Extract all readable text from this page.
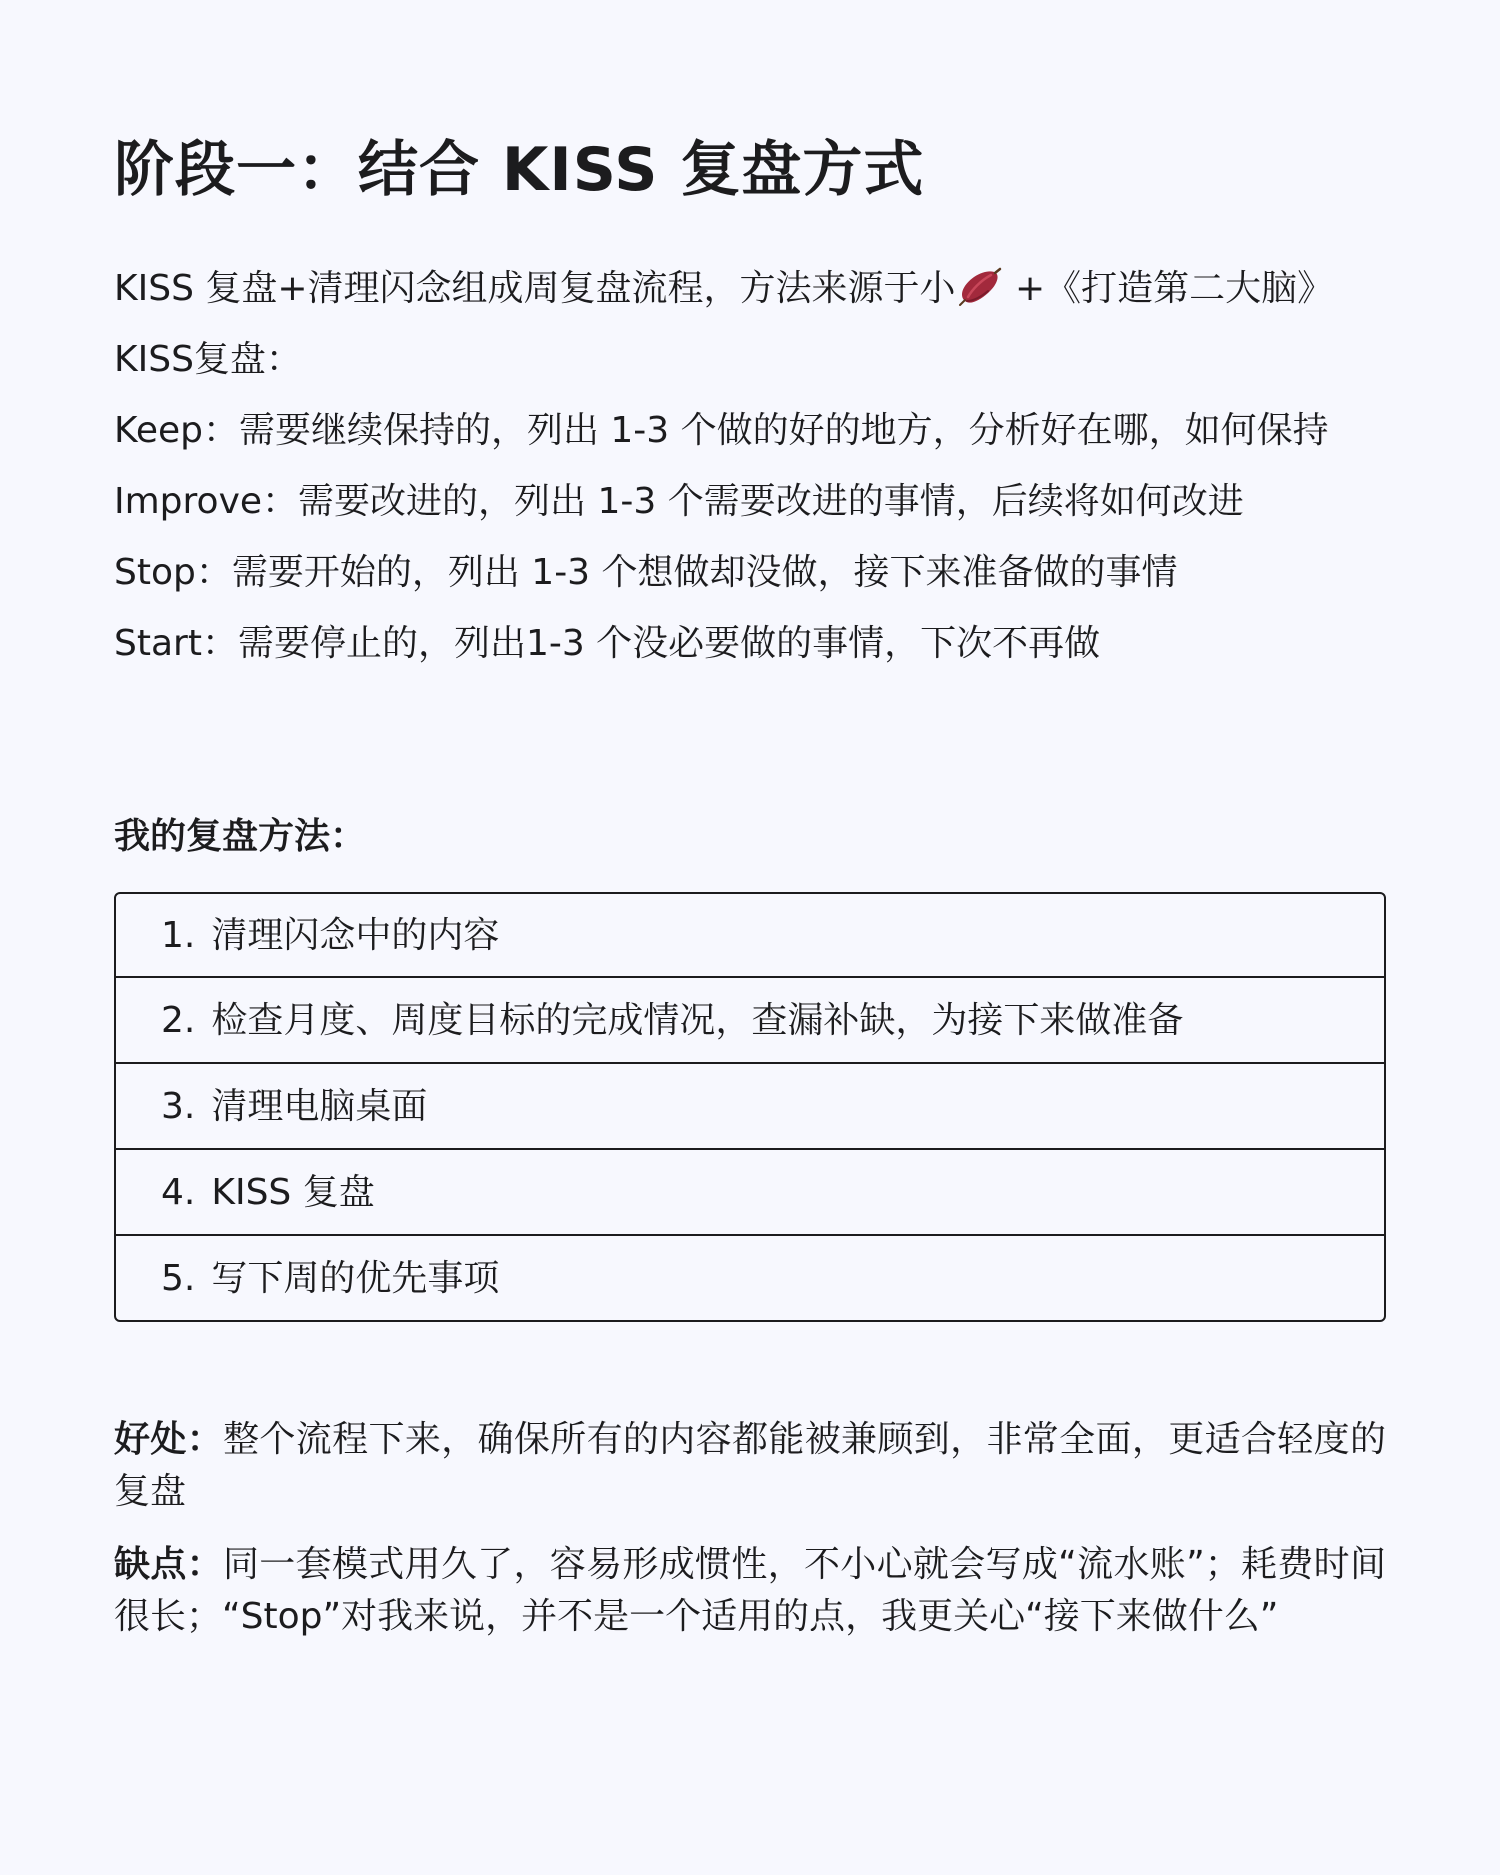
阶段一：结合 KISS 复盘方式
KISS 复盘+清理闪念组成周复盘流程，方法来源于小 +《打造第二大脑》
KISS复盘：
Keep：需要继续保持的，列出 1-3 个做的好的地方，分析好在哪，如何保持
Improve：需要改进的，列出 1-3 个需要改进的事情，后续将如何改进
Stop：需要开始的，列出 1-3 个想做却没做，接下来准备做的事情
Start：需要停止的，列出1-3 个没必要做的事情，下次不再做
我的复盘方法：
1. 清理闪念中的内容
2. 检查月度、周度目标的完成情况，查漏补缺，为接下来做准备
3. 清理电脑桌面
4. KISS 复盘
5. 写下周的优先事项

好处：整个流程下来，确保所有的内容都能被兼顾到，非常全面，更适合轻度的复盘

缺点：同一套模式用久了，容易形成惯性，不小心就会写成“流水账”；耗费时间很长；“Stop”对我来说，并不是一个适用的点，我更关心“接下来做什么”
